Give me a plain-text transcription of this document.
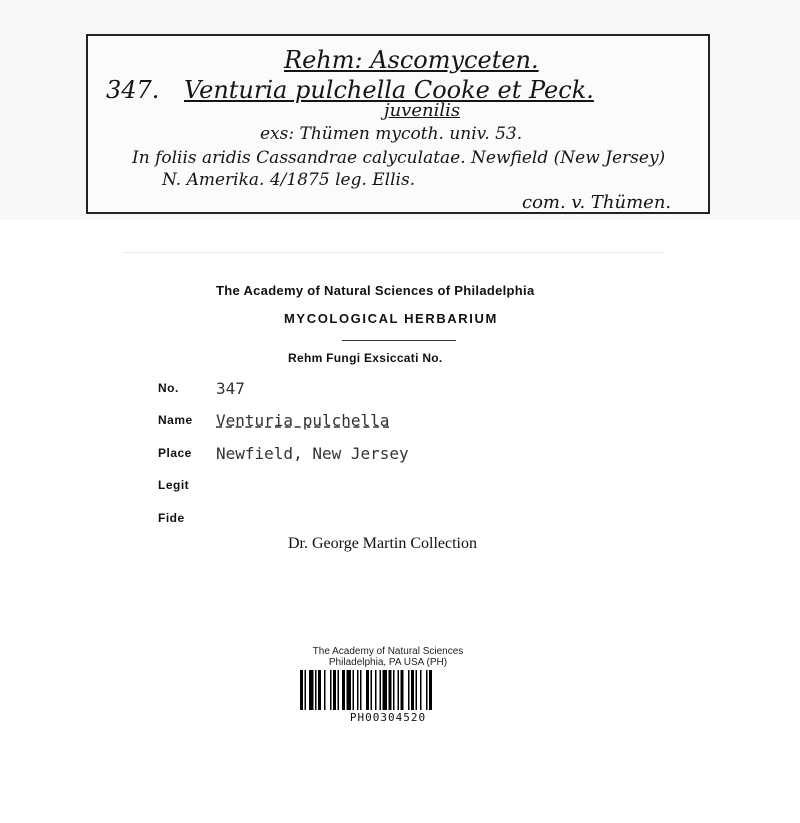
Rehm: Ascomyceten.
347. Venturia pulchella Cooke et Peck.
juvenilis
exs: Thümen mycoth. univ. 53.
In foliis aridis Cassandrae calyculatae. Newfield (New Jersey)
N. Amerika. 4/1875 leg. Ellis.
com. v. Thümen.
The Academy of Natural Sciences of Philadelphia
MYCOLOGICAL HERBARIUM
Rehm Fungi Exsiccati No.
No. 347
Name Venturia pulchella
Place Newfield, New Jersey
Legit
Fide
Dr. George Martin Collection
The Academy of Natural Sciences
Philadelphia, PA USA (PH)
PH00304520
